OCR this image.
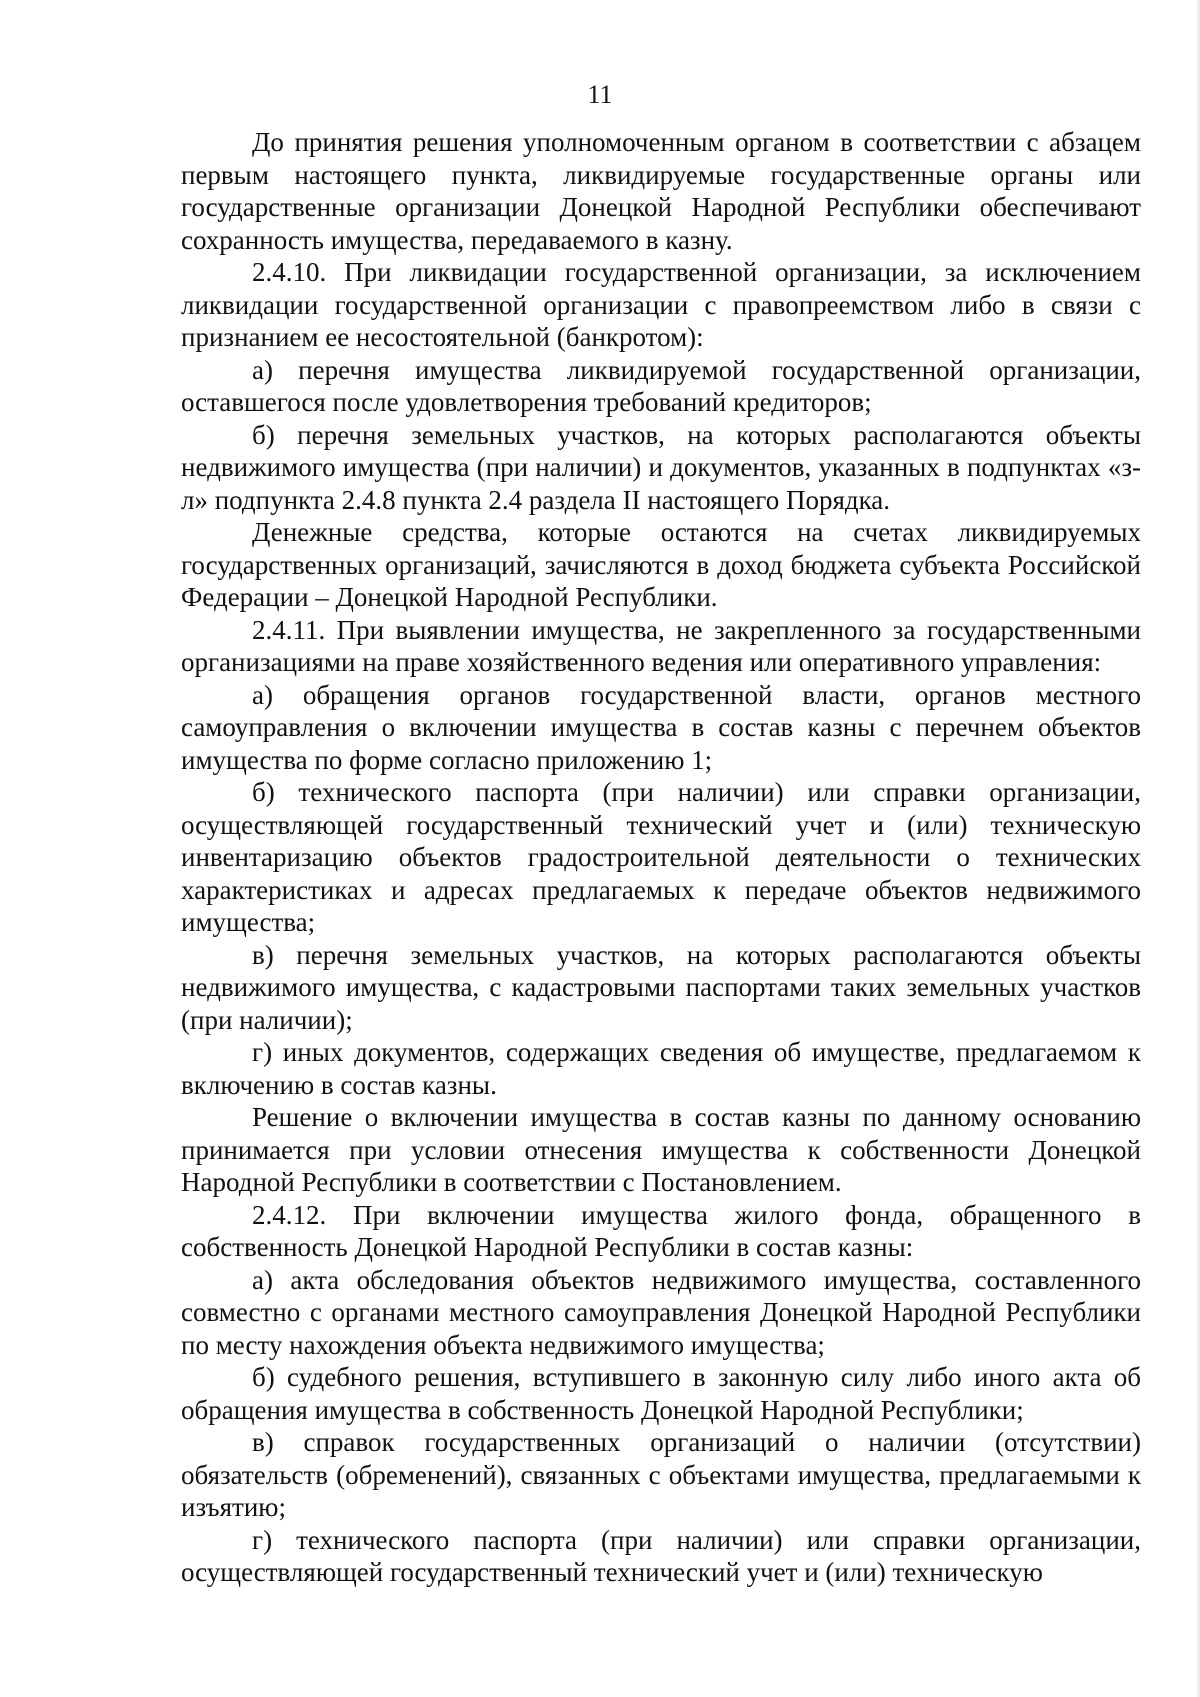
11

До принятия решения уполномоченным органом в соответствии с абзацем первым настоящего пункта, ликвидируемые государственные органы или государственные организации Донецкой Народной Республики обеспечивают сохранность имущества, передаваемого в казну.

2.4.10. При ликвидации государственной организации, за исключением ликвидации государственной организации с правопреемством либо в связи с признанием ее несостоятельной (банкротом):

а) перечня имущества ликвидируемой государственной организации, оставшегося после удовлетворения требований кредиторов;

б) перечня земельных участков, на которых располагаются объекты недвижимого имущества (при наличии) и документов, указанных в подпунктах «з-л» подпункта 2.4.8 пункта 2.4 раздела II настоящего Порядка.

Денежные средства, которые остаются на счетах ликвидируемых государственных организаций, зачисляются в доход бюджета субъекта Российской Федерации – Донецкой Народной Республики.

2.4.11. При выявлении имущества, не закрепленного за государственными организациями на праве хозяйственного ведения или оперативного управления:

а) обращения органов государственной власти, органов местного самоуправления о включении имущества в состав казны с перечнем объектов имущества по форме согласно приложению 1;

б) технического паспорта (при наличии) или справки организации, осуществляющей государственный технический учет и (или) техническую инвентаризацию объектов градостроительной деятельности о технических характеристиках и адресах предлагаемых к передаче объектов недвижимого имущества;

в) перечня земельных участков, на которых располагаются объекты недвижимого имущества, с кадастровыми паспортами таких земельных участков (при наличии);

г) иных документов, содержащих сведения об имуществе, предлагаемом к включению в состав казны.

Решение о включении имущества в состав казны по данному основанию принимается при условии отнесения имущества к собственности Донецкой Народной Республики в соответствии с Постановлением.

2.4.12. При включении имущества жилого фонда, обращенного в собственность Донецкой Народной Республики в состав казны:

а) акта обследования объектов недвижимого имущества, составленного совместно с органами местного самоуправления Донецкой Народной Республики по месту нахождения объекта недвижимого имущества;

б) судебного решения, вступившего в законную силу либо иного акта об обращения имущества в собственность Донецкой Народной Республики;

в) справок государственных организаций о наличии (отсутствии) обязательств (обременений), связанных с объектами имущества, предлагаемыми к изъятию;

г) технического паспорта (при наличии) или справки организации, осуществляющей государственный технический учет и (или) техническую
